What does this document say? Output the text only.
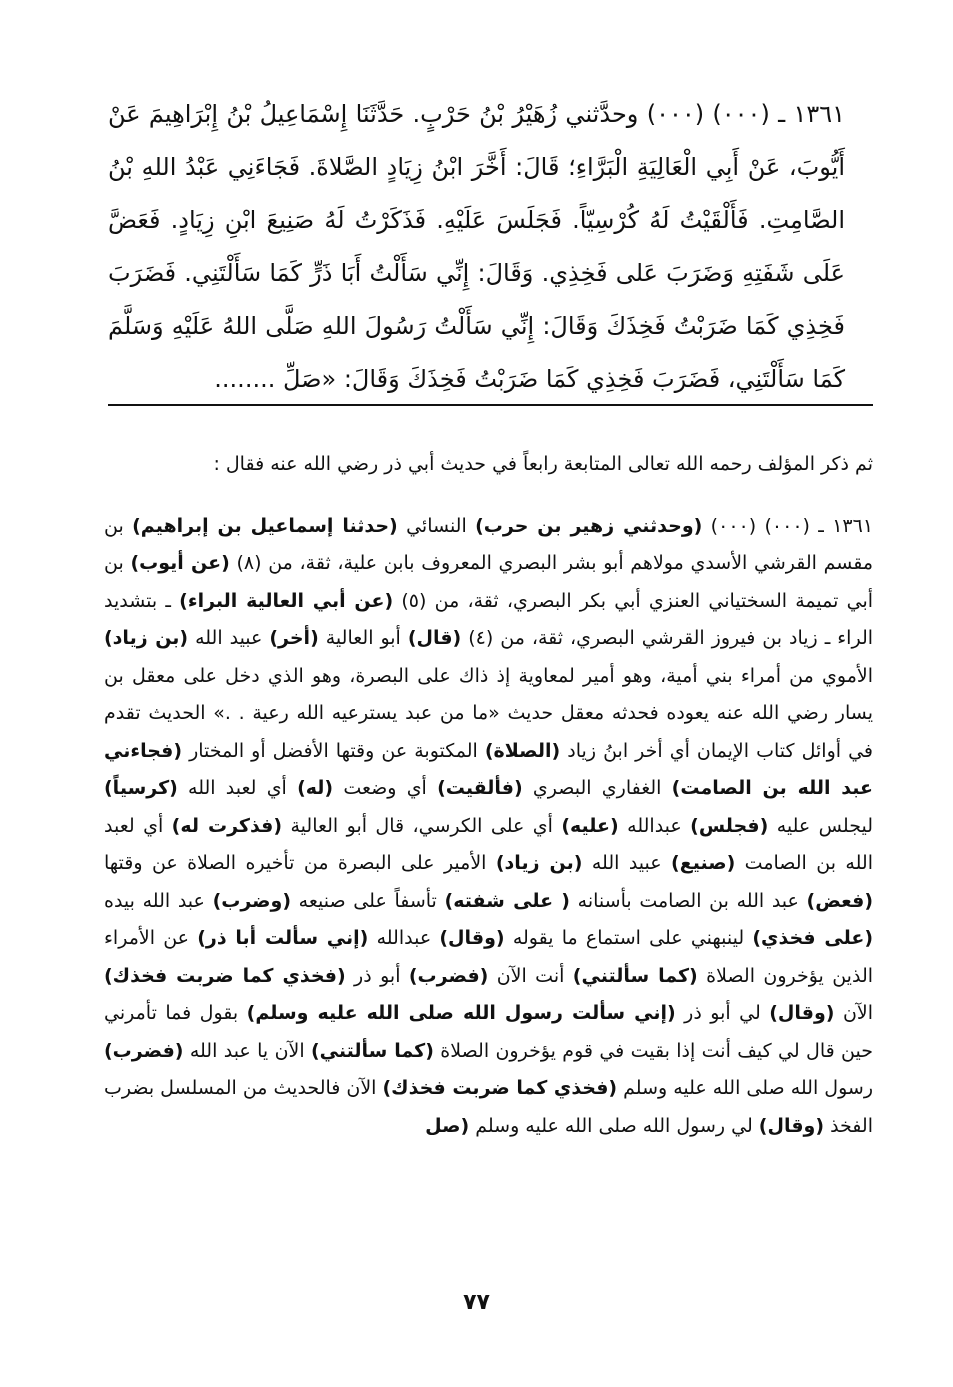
١٣٦١ ـ (٠٠٠) (٠٠٠) وحدَّثني زُهَيْرُ بْنُ حَرْبٍ. حَدَّثَنَا إِسْمَاعِيلُ بْنُ إِبْرَاهِيمَ عَنْ أَيُّوبَ، عَنْ أَبِي الْعَالِيَةِ الْبَرَّاءِ؛ قَالَ: أَخَّرَ ابْنُ زِيَادٍ الصَّلاةَ. فَجَاءَنِي عَبْدُ اللهِ بْنُ الصَّامِتِ. فَأَلْقَيْتُ لَهُ كُرْسِيّاً. فَجَلَسَ عَلَيْهِ. فَذَكَرْتُ لَهُ صَنِيعَ ابْنِ زِيَادٍ. فَعَضَّ عَلَى شَفَتِهِ وَضَرَبَ عَلى فَخِذِي. وَقَالَ: إِنِّي سَأَلْتُ أَبَا ذَرٍّ كَمَا سَأَلْتَنِي. فَضَرَبَ فَخِذِي كَمَا ضَرَبْتُ فَخِذَكَ وَقَالَ: إِنِّي سَأَلْتُ رَسُولَ اللهِ صَلَّى اللهُ عَلَيْهِ وَسَلَّمَ كَمَا سَأَلْتَنِي، فَضَرَبَ فَخِذِي كَمَا ضَرَبْتُ فَخِذَكَ وَقَالَ: «صَلِّ ........

ثم ذكر المؤلف رحمه الله تعالى المتابعة رابعاً في حديث أبي ذر رضي الله عنه فقال :

١٣٦١ ـ (٠٠٠) (٠٠٠) (وحدثني زهير بن حرب) النسائي (حدثنا إسماعيل بن إبراهيم) بن مقسم القرشي الأسدي مولاهم أبو بشر البصري المعروف بابن علية، ثقة، من (٨) (عن أيوب) بن أبي تميمة السختياني العنزي أبي بكر البصري، ثقة، من (٥) (عن أبي العالية البراء) ـ بتشديد الراء ـ زياد بن فيروز القرشي البصري، ثقة، من (٤) (قال) أبو العالية (أخر) عبيد الله (بن زياد) الأموي من أمراء بني أمية، وهو أمير لمعاوية إذ ذاك على البصرة، وهو الذي دخل على معقل بن يسار رضي الله عنه يعوده فحدثه معقل حديث «ما من عبد يسترعيه الله رعية . .» الحديث تقدم في أوائل كتاب الإيمان أي أخر ابنُ زياد (الصلاة) المكتوبة عن وقتها الأفضل أو المختار (فجاءني عبد الله بن الصامت) الغفاري البصري (فألقيت) أي وضعت (له) أي لعبد الله (كرسياً) ليجلس عليه (فجلس) عبدالله (عليه) أي على الكرسي، قال أبو العالية (فذكرت له) أي لعبد الله بن الصامت (صنيع) عبيد الله (بن زياد) الأمير على البصرة من تأخيره الصلاة عن وقتها (فعض) عبد الله بن الصامت بأسنانه ( على شفته) تأسفاً على صنيعه (وضرب) عبد الله بيده (على فخذي) لينبهني على استماع ما يقوله (وقال) عبدالله (إني سألت أبا ذر) عن الأمراء الذين يؤخرون الصلاة (كما سألتني) أنت الآن (فضرب) أبو ذر (فخذي كما ضربت فخذك) الآن (وقال) لي أبو ذر (إني سألت رسول الله صلى الله عليه وسلم) بقول فما تأمرني حين قال لي كيف أنت إذا بقيت في قوم يؤخرون الصلاة (كما سألتني) الآن يا عبد الله (فضرب) رسول الله صلى الله عليه وسلم (فخذي كما ضربت فخذك) الآن فالحديث من المسلسل بضرب الفخذ (وقال) لي رسول الله صلى الله عليه وسلم (صل

٧٧
